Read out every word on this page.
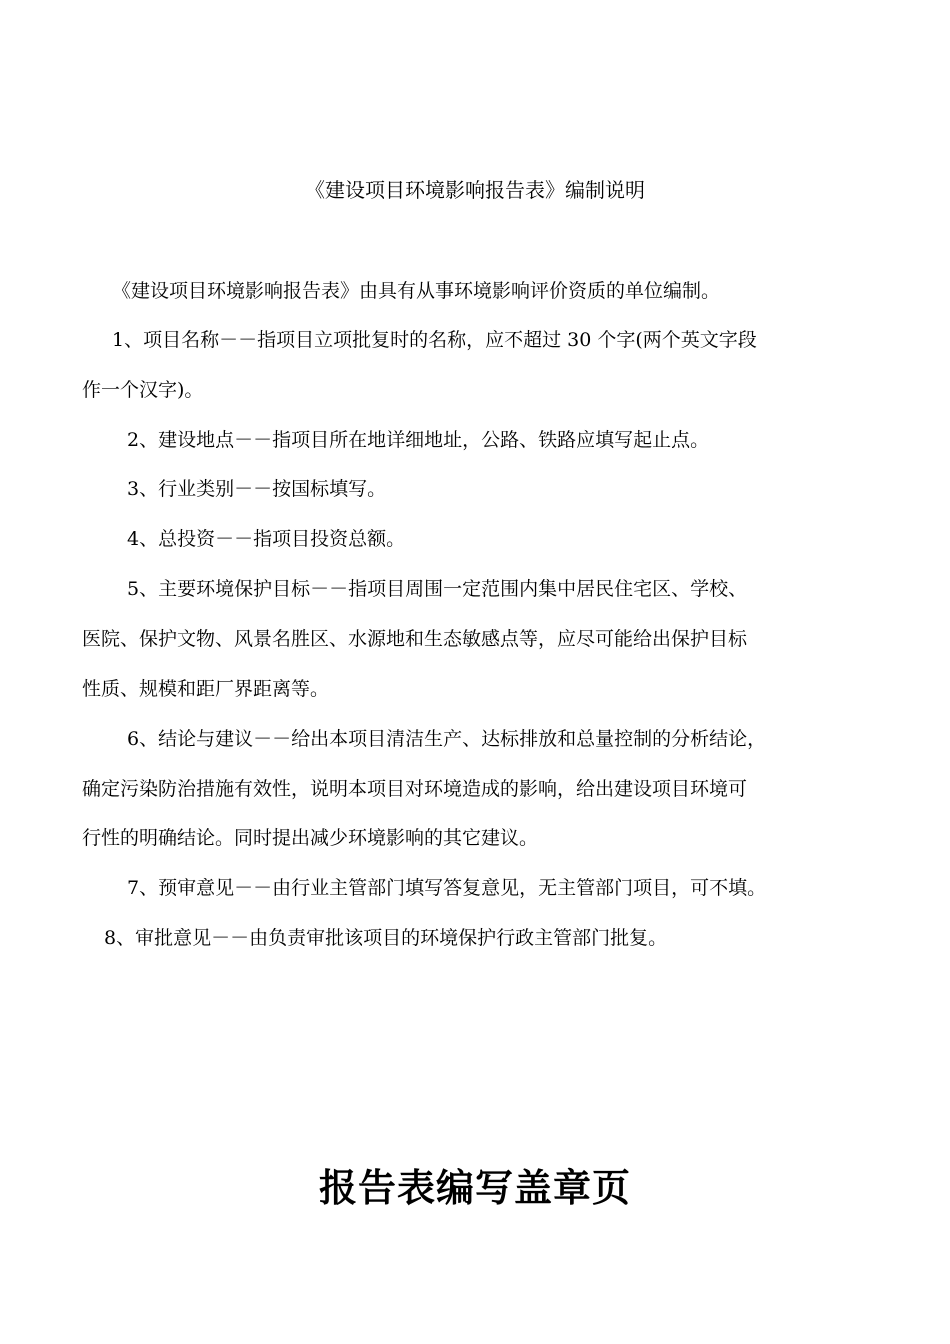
《建设项目环境影响报告表》编制说明

《建设项目环境影响报告表》由具有从事环境影响评价资质的单位编制。

1、项目名称－－指项目立项批复时的名称，应不超过 30 个字(两个英文字段

作一个汉字)。

2、建设地点－－指项目所在地详细地址，公路、铁路应填写起止点。

3、行业类别－－按国标填写。

4、总投资－－指项目投资总额。

5、主要环境保护目标－－指项目周围一定范围内集中居民住宅区、学校、

医院、保护文物、风景名胜区、水源地和生态敏感点等，应尽可能给出保护目标

性质、规模和距厂界距离等。

6、结论与建议－－给出本项目清洁生产、达标排放和总量控制的分析结论，

确定污染防治措施有效性，说明本项目对环境造成的影响，给出建设项目环境可

行性的明确结论。同时提出减少环境影响的其它建议。

7、预审意见－－由行业主管部门填写答复意见，无主管部门项目，可不填。

8、审批意见－－由负责审批该项目的环境保护行政主管部门批复。

报告表编写盖章页
